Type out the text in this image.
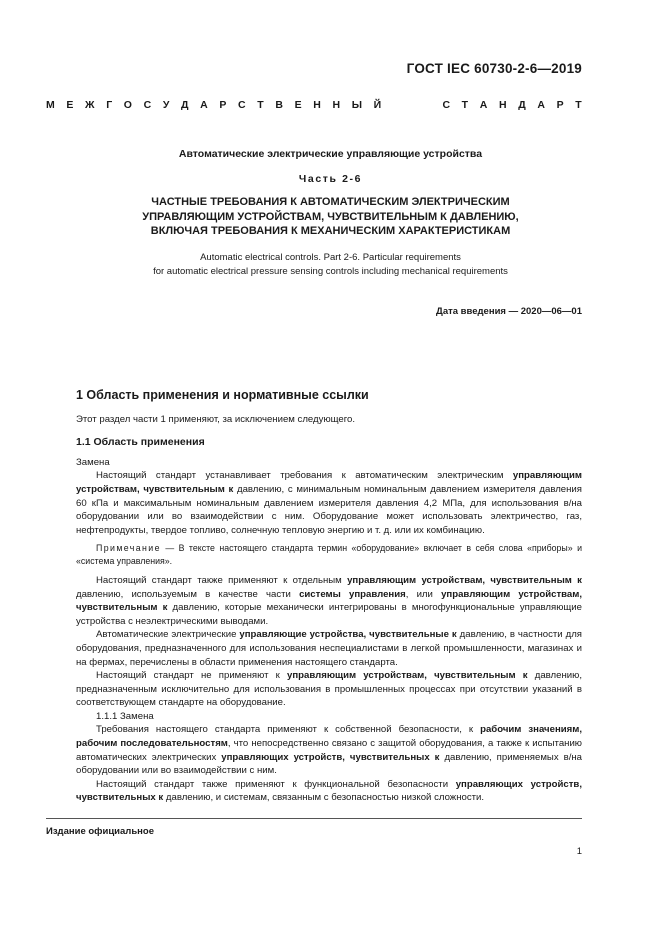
ГОСТ IEC 60730-2-6—2019
М Е Ж Г О С У Д А Р С Т В Е Н Н Ы Й	С Т А Н Д А Р Т
Автоматические электрические управляющие устройства
Часть 2-6
ЧАСТНЫЕ ТРЕБОВАНИЯ К АВТОМАТИЧЕСКИМ ЭЛЕКТРИЧЕСКИМ
УПРАВЛЯЮЩИМ УСТРОЙСТВАМ, ЧУВСТВИТЕЛЬНЫМ К ДАВЛЕНИЮ,
ВКЛЮЧАЯ ТРЕБОВАНИЯ К МЕХАНИЧЕСКИМ ХАРАКТЕРИСТИКАМ
Automatic electrical controls. Part 2-6. Particular requirements
for automatic electrical pressure sensing controls including mechanical requirements
Дата введения — 2020—06—01

1 Область применения и нормативные ссылки

Этот раздел части 1 применяют, за исключением следующего.

1.1 Область применения

Замена

Настоящий стандарт устанавливает требования к автоматическим электрическим управляющим устройствам, чувствительным к давлению, с минимальным номинальным давлением измерителя давления 60 кПа и максимальным номинальным давлением измерителя давления 4,2 МПа, для использования в/на оборудовании или во взаимодействии с ним. Оборудование может использовать электричество, газ, нефтепродукты, твердое топливо, солнечную тепловую энергию и т. д. или их комбинацию.

Примечание — В тексте настоящего стандарта термин «оборудование» включает в себя слова «приборы» и «система управления».

Настоящий стандарт также применяют к отдельным управляющим устройствам, чувствительным к давлению, используемым в качестве части системы управления, или управляющим устройствам, чувствительным к давлению, которые механически интегрированы в многофункциональные управляющие устройства с неэлектрическими выводами.

Автоматические электрические управляющие устройства, чувствительные к давлению, в частности для оборудования, предназначенного для использования неспециалистами в легкой промышленности, магазинах и на фермах, перечислены в области применения настоящего стандарта.

Настоящий стандарт не применяют к управляющим устройствам, чувствительным к давлению, предназначенным исключительно для использования в промышленных процессах при отсутствии указаний в соответствующем стандарте на оборудование.

1.1.1 Замена

Требования настоящего стандарта применяют к собственной безопасности, к рабочим значениям, рабочим последовательностям, что непосредственно связано с защитой оборудования, а также к испытанию автоматических электрических управляющих устройств, чувствительных к давлению, применяемых в/на оборудовании или во взаимодействии с ним.

Настоящий стандарт также применяют к функциональной безопасности управляющих устройств, чувствительных к давлению, и системам, связанным с безопасностью низкой сложности.

Издание официальное
1
